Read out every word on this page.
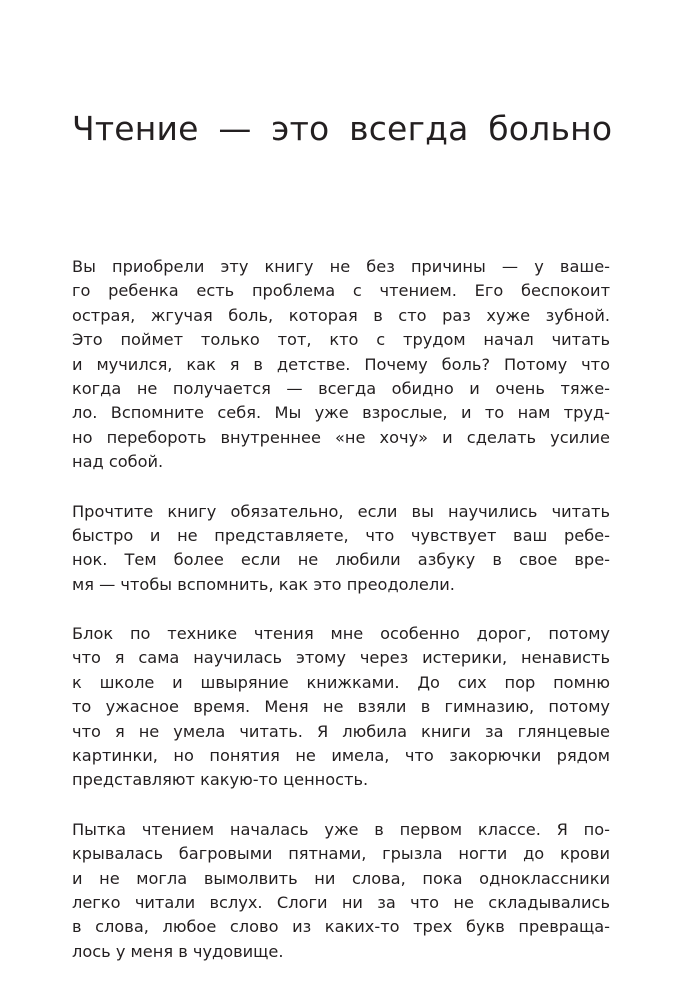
Чтение — это всегда больно

Вы приобрели эту книгу не без причины — у ваше-
го ребенка есть проблема с чтением. Его беспокоит
острая, жгучая боль, которая в сто раз хуже зубной.
Это поймет только тот, кто с трудом начал читать
и мучился, как я в детстве. Почему боль? Потому что
когда не получается — всегда обидно и очень тяже-
ло. Вспомните себя. Мы уже взрослые, и то нам труд-
но перебороть внутреннее «не хочу» и сделать усилие
над собой.

Прочтите книгу обязательно, если вы научились читать
быстро и не представляете, что чувствует ваш ребе-
нок. Тем более если не любили азбуку в свое вре-
мя — чтобы вспомнить, как это преодолели.

Блок по технике чтения мне особенно дорог, потому
что я сама научилась этому через истерики, ненависть
к школе и швыряние книжками. До сих пор помню
то ужасное время. Меня не взяли в гимназию, потому
что я не умела читать. Я любила книги за глянцевые
картинки, но понятия не имела, что закорючки рядом
представляют какую-то ценность.

Пытка чтением началась уже в первом классе. Я по-
крывалась багровыми пятнами, грызла ногти до крови
и не могла вымолвить ни слова, пока одноклассники
легко читали вслух. Слоги ни за что не складывались
в слова, любое слово из каких-то трех букв превраща-
лось у меня в чудовище.
